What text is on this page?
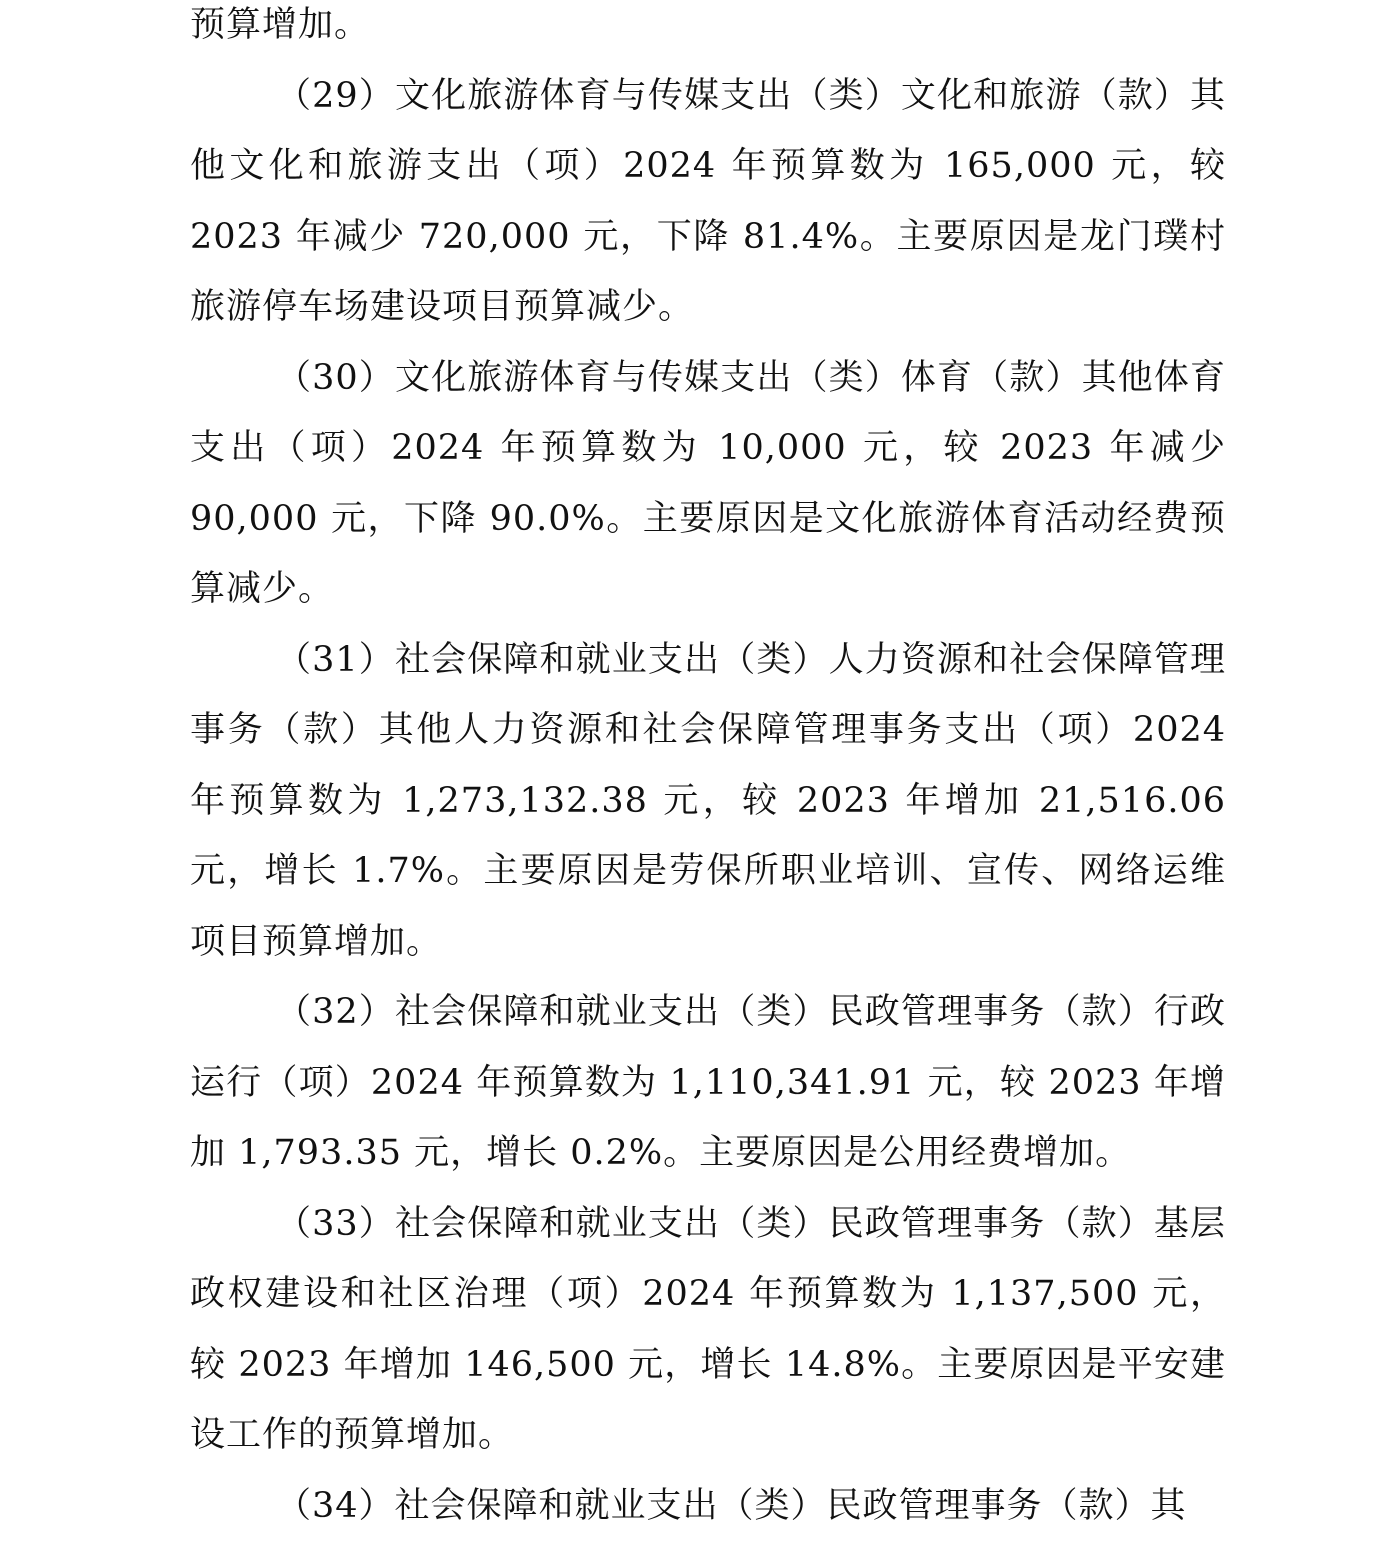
预算增加。

（29）文化旅游体育与传媒支出（类）文化和旅游（款）其他文化和旅游支出（项）2024 年预算数为 165,000 元，较 2023 年减少 720,000 元，下降 81.4%。主要原因是龙门璞村旅游停车场建设项目预算减少。

（30）文化旅游体育与传媒支出（类）体育（款）其他体育支出（项）2024 年预算数为 10,000 元，较 2023 年减少 90,000 元，下降 90.0%。主要原因是文化旅游体育活动经费预算减少。

（31）社会保障和就业支出（类）人力资源和社会保障管理事务（款）其他人力资源和社会保障管理事务支出（项）2024 年预算数为 1,273,132.38 元，较 2023 年增加 21,516.06 元，增长 1.7%。主要原因是劳保所职业培训、宣传、网络运维项目预算增加。

（32）社会保障和就业支出（类）民政管理事务（款）行政运行（项）2024 年预算数为 1,110,341.91 元，较 2023 年增加 1,793.35 元，增长 0.2%。主要原因是公用经费增加。

（33）社会保障和就业支出（类）民政管理事务（款）基层政权建设和社区治理（项）2024 年预算数为 1,137,500 元，较 2023 年增加 146,500 元，增长 14.8%。主要原因是平安建设工作的预算增加。

（34）社会保障和就业支出（类）民政管理事务（款）其
